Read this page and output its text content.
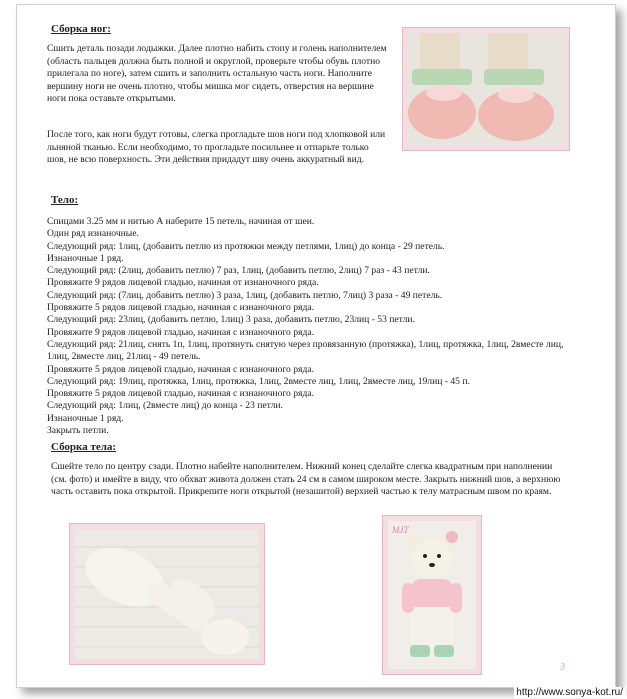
Сборка ног:

Сшить деталь позади лодыжки. Далее плотно набить стопу и голень наполнителем (область пальцев должна быть полной и округлой, проверьте чтобы обувь плотно прилегала по ноге), затем сшить и заполнить остальную часть ноги. Наполните вершину ноги не очень плотно, чтобы мишка мог сидеть, отверстия на вершине ноги пока оставьте открытыми.

После того, как ноги будут готовы, слегка прогладьте шов ноги под хлопковой или льняной тканью. Если необходимо, то прогладьте посильнее и отпарьте только шов, не всю поверхность. Эти действия придадут шву очень аккуратный вид.

Тело:
Спицами 3.25 мм и нитью А наберите 15 петель, начиная от шеи.
Один ряд изнаночные.
Следующий ряд: 1лиц, (добавить петлю из протяжки между петлями, 1лиц) до конца - 29 петель.
Изнаночные 1 ряд.
Следующий ряд: (2лиц, добавить петлю) 7 раз, 1лиц, (добавить петлю, 2лиц) 7 раз - 43 петли.
Провяжите 9 рядов лицевой гладью, начиная от изнаночного ряда.
Следующий ряд: (7лиц, добавить петлю) 3 раза, 1лиц, (добавить петлю, 7лиц) 3 раза - 49 петель.
Провяжите 5 рядов лицевой гладью, начиная с изнаночного ряда.
Следующий ряд: 23лиц, (добавить петлю, 1лиц) 3 раза, добавить петлю, 23лиц - 53 петли.
Провяжите 9 рядов лицевой гладью, начиная с изнаночного ряда.
Следующий ряд: 21лиц, снять 1п, 1лиц, протянуть снятую через провязанную (протяжка), 1лиц, протяжка, 1лиц, 2вместе лиц, 1лиц, 2вместе лиц, 21лиц - 49 петель.
Провяжите 5 рядов лицевой гладью, начиная с изнаночного ряда.
Следующий ряд: 19лиц, протяжка, 1лиц, протяжка, 1лиц, 2вместе лиц, 1лиц, 2вместе лиц, 19лиц - 45 п.
Провяжите 5 рядов лицевой гладью, начиная с изнаночного ряда.
Следующий ряд: 1лиц, (2вместе лиц) до конца - 23 петли.
Изнаночные 1 ряд.
Закрыть петли.
Сборка тела:

Сшейте тело по центру сзади. Плотно набейте наполнителем. Нижний конец сделайте слегка квадратным при наполнении (см. фото) и имейте в виду, что обхват живота должен стать 24 см в самом широком месте. Закрыть нижний шов, а верхнюю часть оставить пока открытой. Прикрепите ноги открытой (незашитой) верхней частью к телу матрасным швом по краям.

MJT
3
http://www.sonya-kot.ru/
